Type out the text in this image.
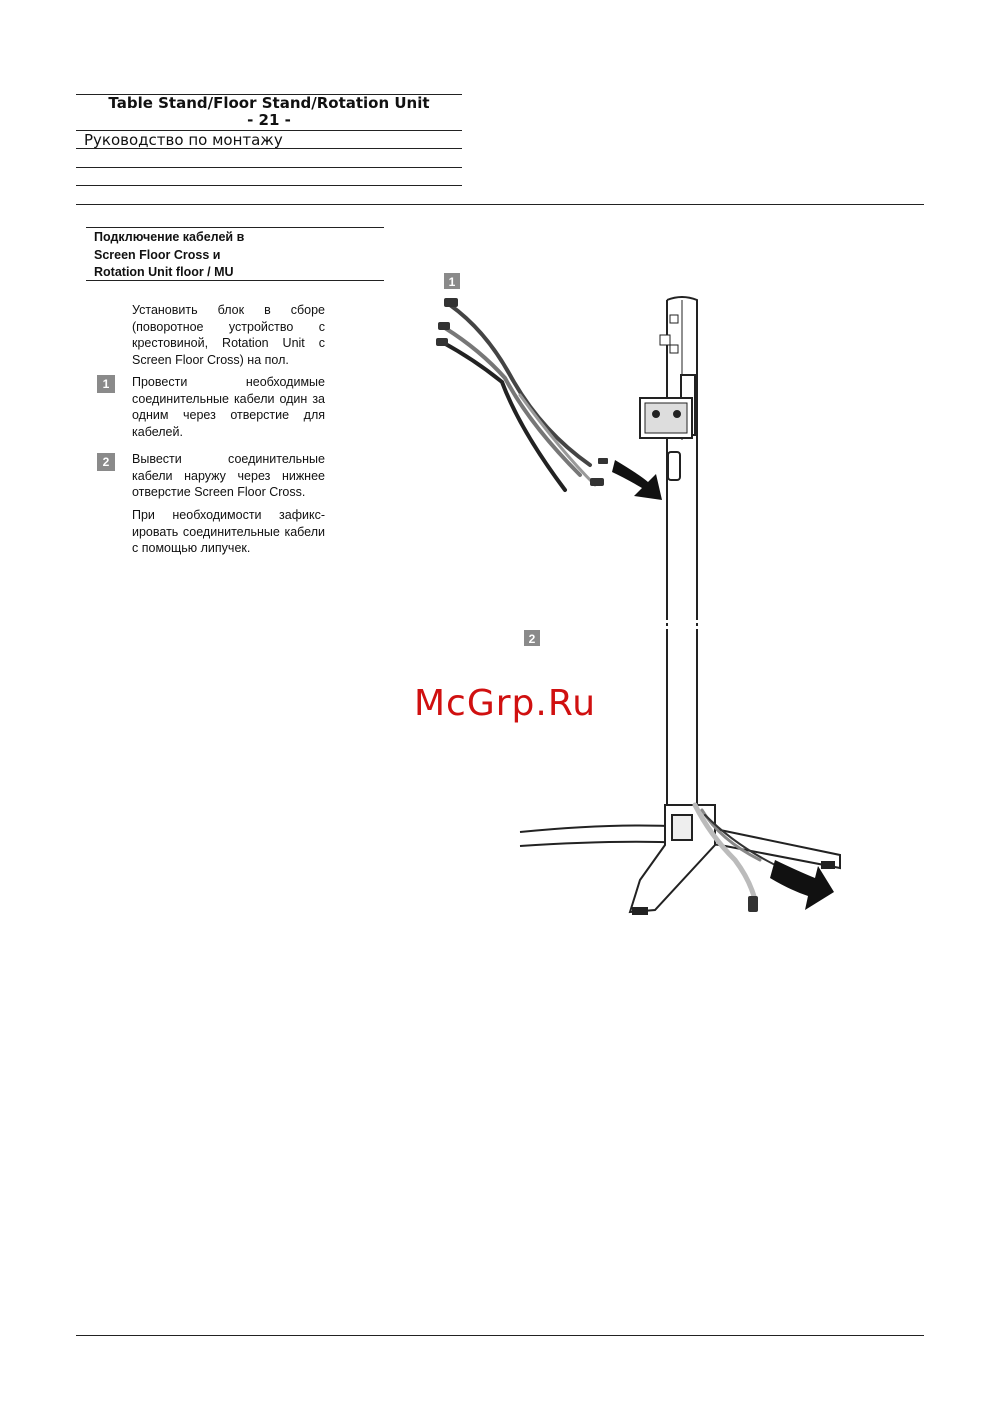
Table Stand/Floor Stand/Rotation Unit
- 21 -
Руководство по монтажу
Подключение кабелей в
Screen Floor Cross и
Rotation Unit floor / MU
Установить блок в сборе (поворотное устройство с крестовиной, Rotation Unit с Screen Floor Cross) на пол.
1	Провести необходимые соединительные кабели один за одним через отверстие для кабелей.
2	Вывести соединительные кабели наружу через нижнее отверстие Screen Floor Cross.
При необходимости зафикс-ировать соединительные кабели с помощью липучек.
1
2
McGrp.Ru
